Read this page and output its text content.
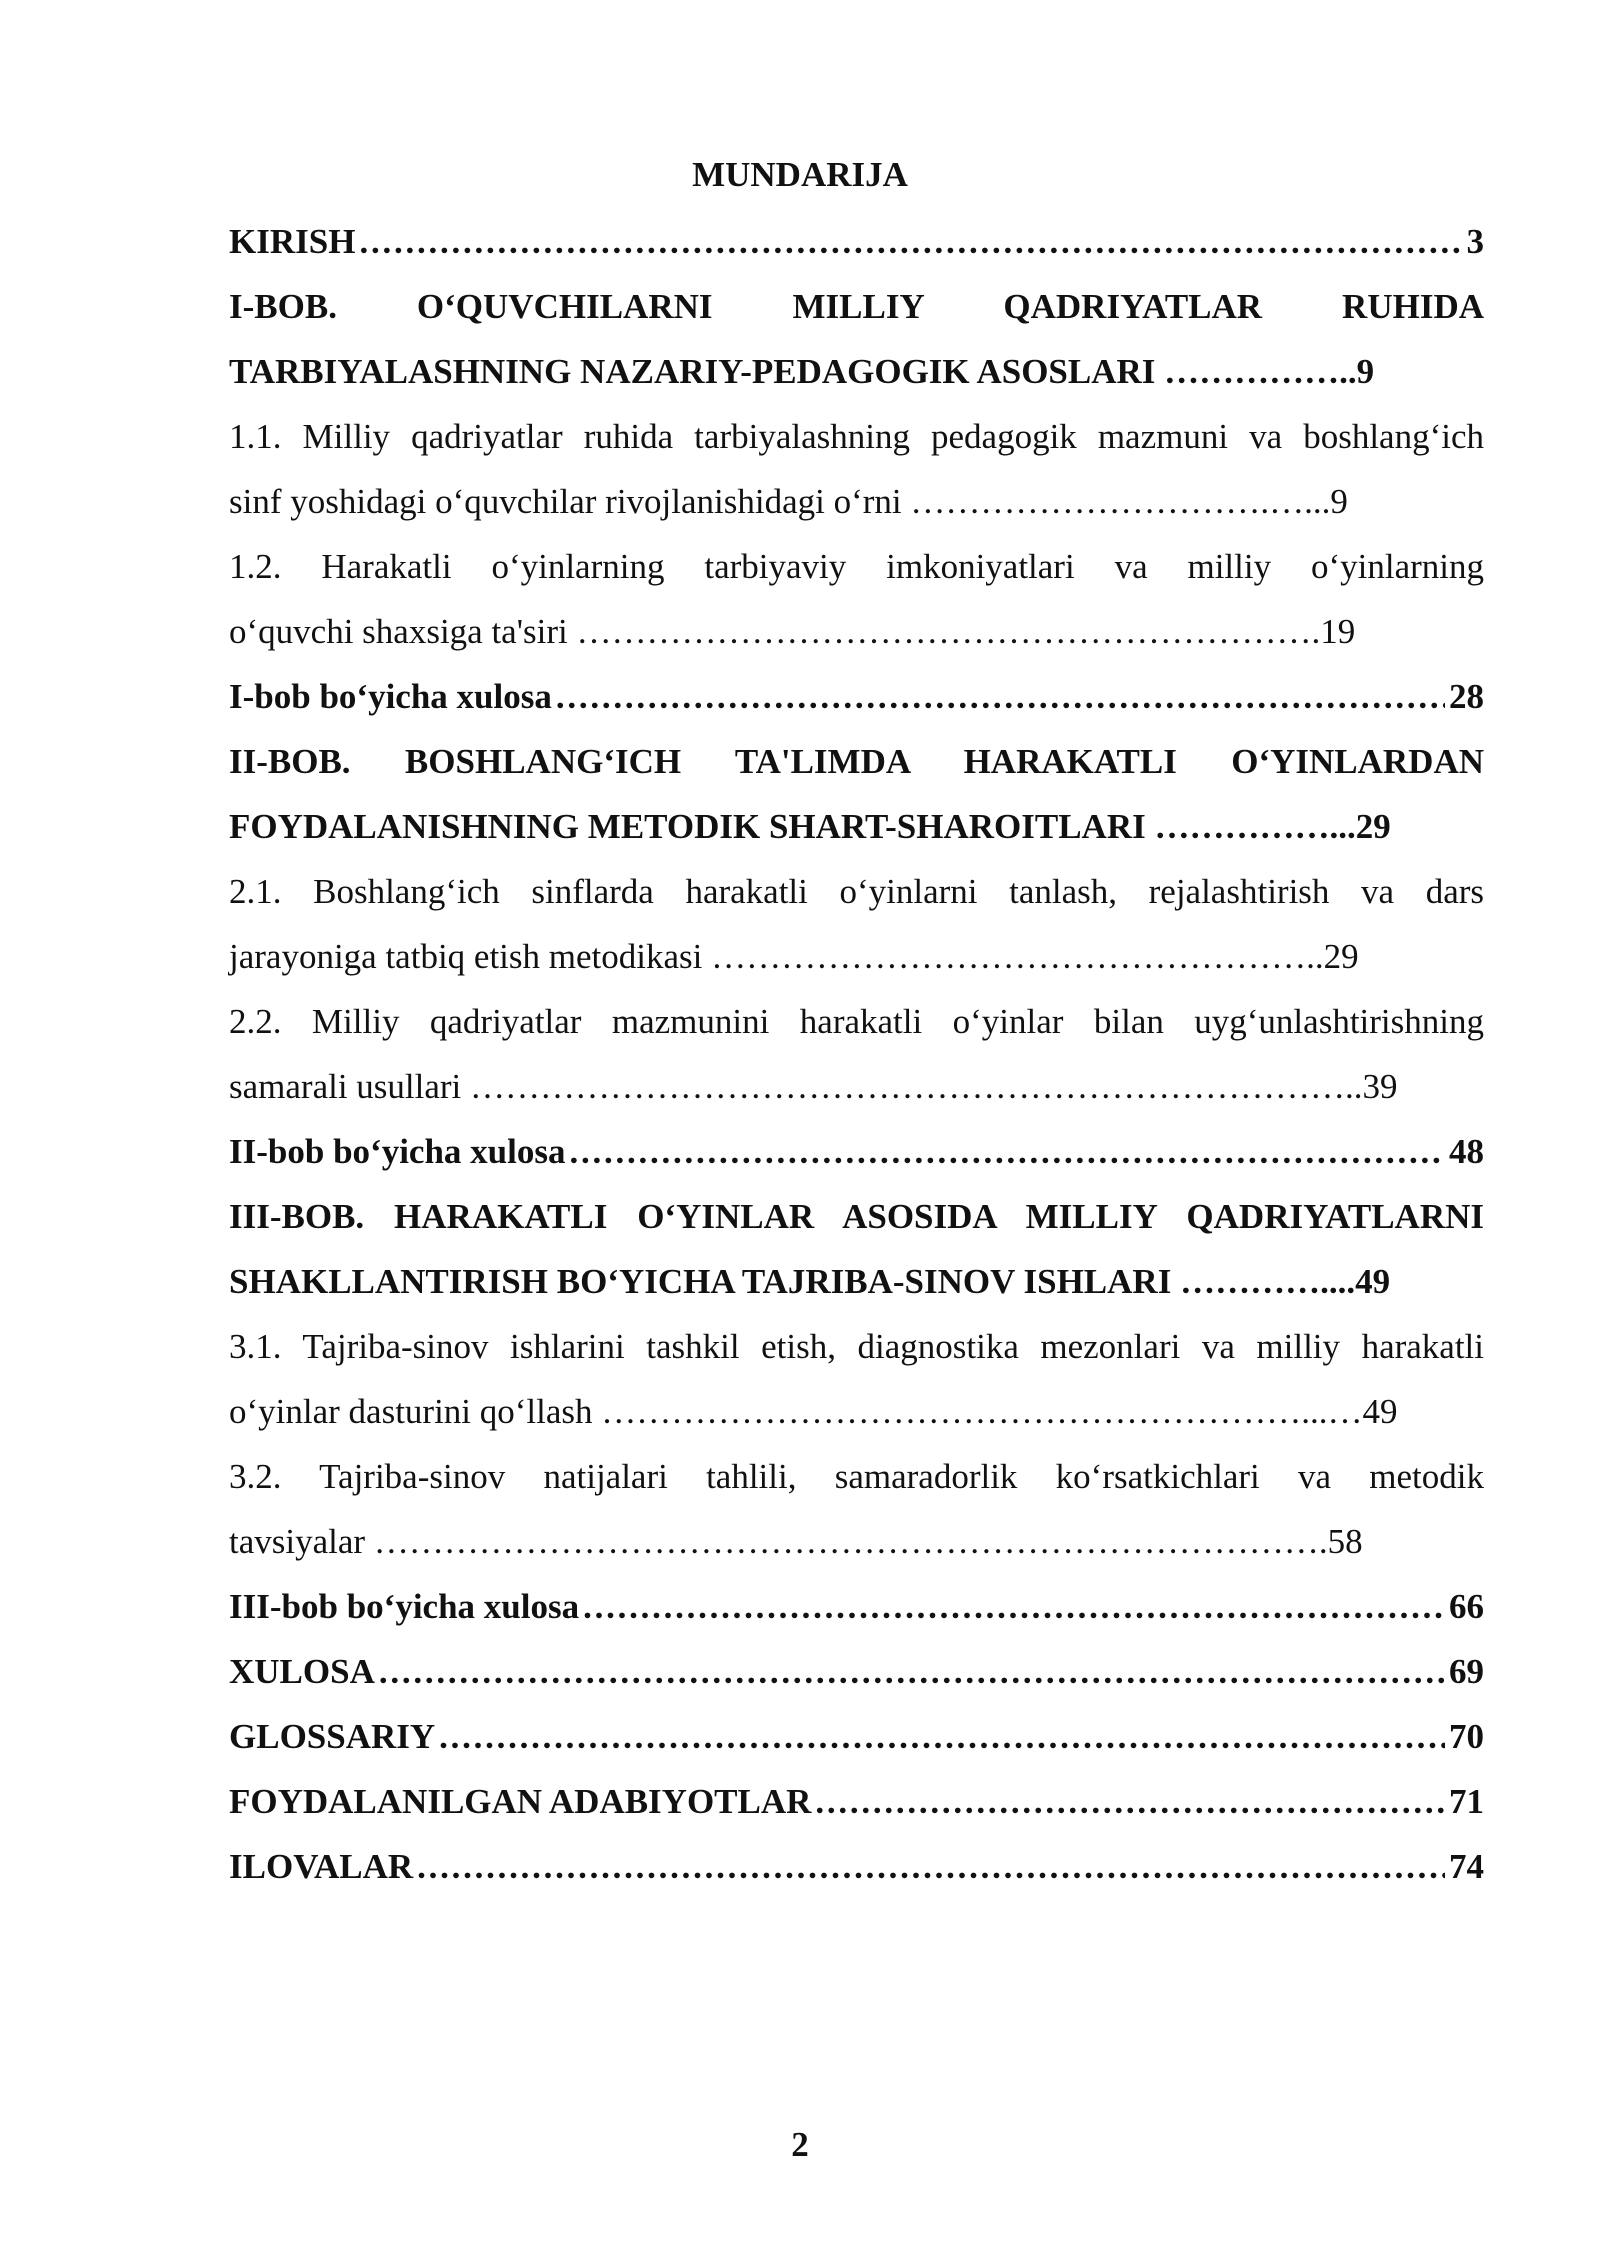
MUNDARIJA
KIRISH . . .	3
I-BOB. O‘QUVCHILARNI MILLIY QADRIYATLAR RUHIDA
TARBIYALASHNING NAZARIY-PEDAGOGIK ASOSLARI ……………..9
1.1. Milliy qadriyatlar ruhida tarbiyalashning pedagogik mazmuni va boshlang‘ich
sinf yoshidagi o‘quvchilar rivojlanishidagi o‘rni ………………………….…...9
1.2. Harakatli o‘yinlarning tarbiyaviy imkoniyatlari va milliy o‘yinlarning
o‘quvchi shaxsiga ta'siri ……………………………………………………….19
I-bob bo‘yicha xulosa . . .	28
II-BOB. BOSHLANG‘ICH TA'LIMDA HARAKATLI O‘YINLARDAN
FOYDALANISHNING METODIK SHART-SHAROITLARI ……………...29
2.1. Boshlang‘ich sinflarda harakatli o‘yinlarni tanlash, rejalashtirish va dars
jarayoniga tatbiq etish metodikasi ……………………………………………..29
2.2. Milliy qadriyatlar mazmunini harakatli o‘yinlar bilan uyg‘unlashtirishning
samarali usullari …………………………………………………………………..39
II-bob bo‘yicha xulosa . . .	48
III-BOB. HARAKATLI O‘YINLAR ASOSIDA MILLIY QADRIYATLARNI
SHAKLLANTIRISH BO‘YICHA TAJRIBA-SINOV ISHLARI …………....49
3.1. Tajriba-sinov ishlarini tashkil etish, diagnostika mezonlari va milliy harakatli
o‘yinlar dasturini qo‘llash ……………………………………………………...…49
3.2. Tajriba-sinov natijalari tahlili, samaradorlik ko‘rsatkichlari va metodik
tavsiyalar ……………………………………………………………………….58
III-bob bo‘yicha xulosa . . .	66
XULOSA . . .	69
GLOSSARIY . . .	70
FOYDALANILGAN ADABIYOTLAR . . .	71
ILOVALAR . . .	74
2
